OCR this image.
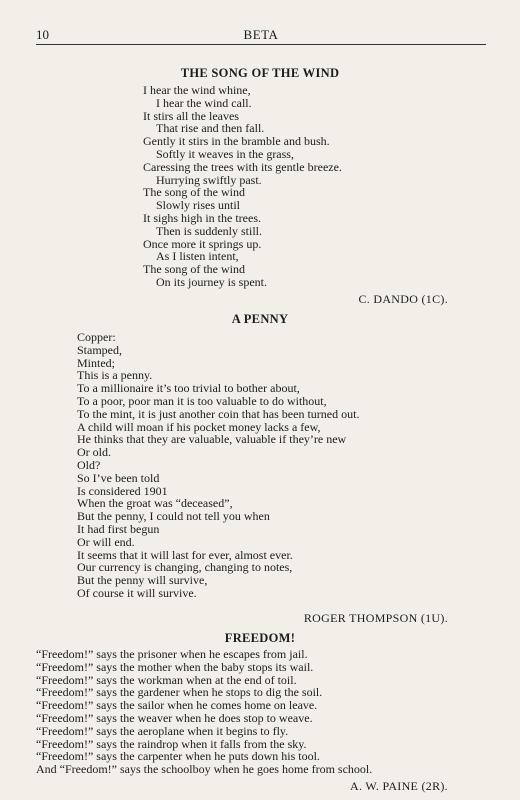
10	BETA
THE SONG OF THE WIND
I hear the wind whine,
I hear the wind call.
It stirs all the leaves
That rise and then fall.
Gently it stirs in the bramble and bush.
Softly it weaves in the grass,
Caressing the trees with its gentle breeze.
Hurrying swiftly past.
The song of the wind
Slowly rises until
It sighs high in the trees.
Then is suddenly still.
Once more it springs up.
As I listen intent,
The song of the wind
On its journey is spent.
C. DANDO (1C).
A PENNY
Copper:
Stamped,
Minted;
This is a penny.
To a millionaire it’s too trivial to bother about,
To a poor, poor man it is too valuable to do without,
To the mint, it is just another coin that has been turned out.
A child will moan if his pocket money lacks a few,
He thinks that they are valuable, valuable if they’re new
Or old.
Old?
So I’ve been told
Is considered 1901
When the groat was “deceased”,
But the penny, I could not tell you when
It had first begun
Or will end.
It seems that it will last for ever, almost ever.
Our currency is changing, changing to notes,
But the penny will survive,
Of course it will survive.
ROGER THOMPSON (1U).
FREEDOM!
“Freedom!” says the prisoner when he escapes from jail.
“Freedom!” says the mother when the baby stops its wail.
“Freedom!” says the workman when at the end of toil.
“Freedom!” says the gardener when he stops to dig the soil.
“Freedom!” says the sailor when he comes home on leave.
“Freedom!” says the weaver when he does stop to weave.
“Freedom!” says the aeroplane when it begins to fly.
“Freedom!” says the raindrop when it falls from the sky.
“Freedom!” says the carpenter when he puts down his tool.
And “Freedom!” says the schoolboy when he goes home from school.
A. W. PAINE (2R).
